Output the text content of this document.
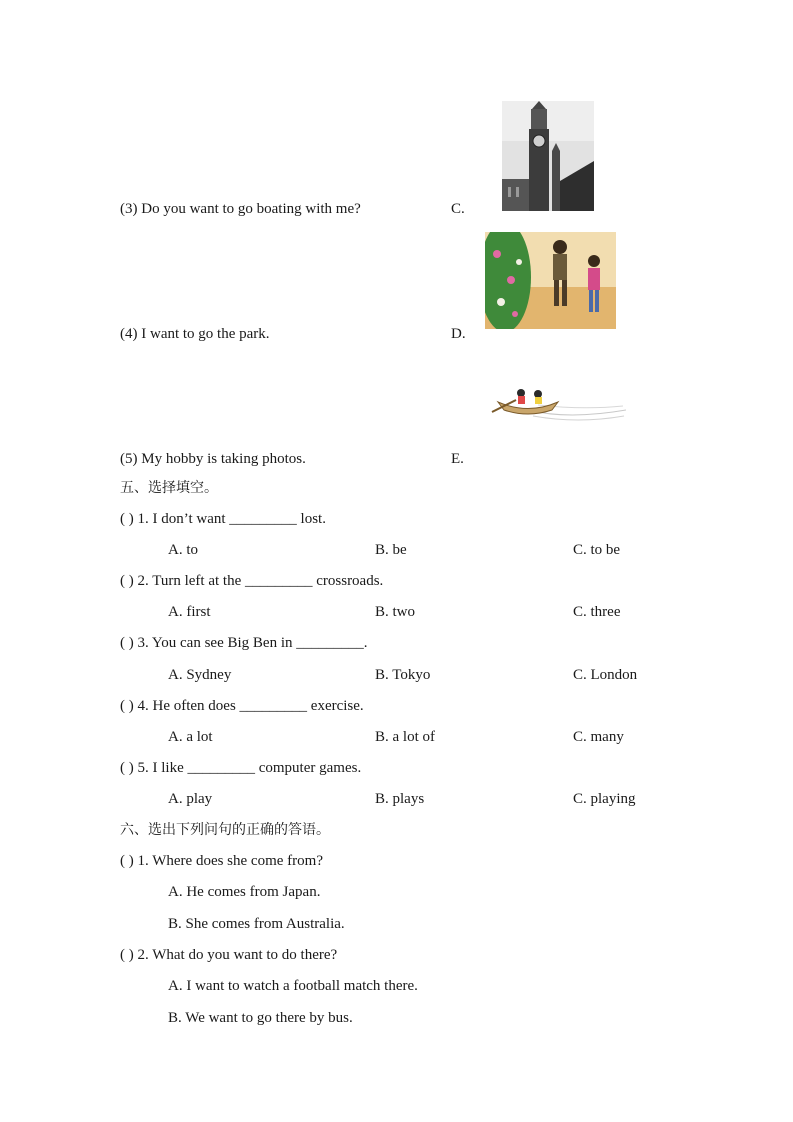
(3) Do you want to go boating with me?	C.
(4) I want to go the park.	D.
(5) My hobby is taking photos.	E.
五、选择填空。
( ) 1. I don’t want _________ lost.
A. to	B. be	C. to be
( ) 2. Turn left at the _________ crossroads.
A. first	B. two	C. three
( ) 3. You can see Big Ben in _________.
A. Sydney	B. Tokyo	C. London
( ) 4. He often does _________ exercise.
A. a lot	B. a lot of	C. many
( ) 5. I like _________ computer games.
A. play	B. plays	C. playing
六、选出下列问句的正确的答语。
( ) 1. Where does she come from?
A. He comes from Japan.
B. She comes from Australia.
( ) 2. What do you want to do there?
A. I want to watch a football match there.
B. We want to go there by bus.
